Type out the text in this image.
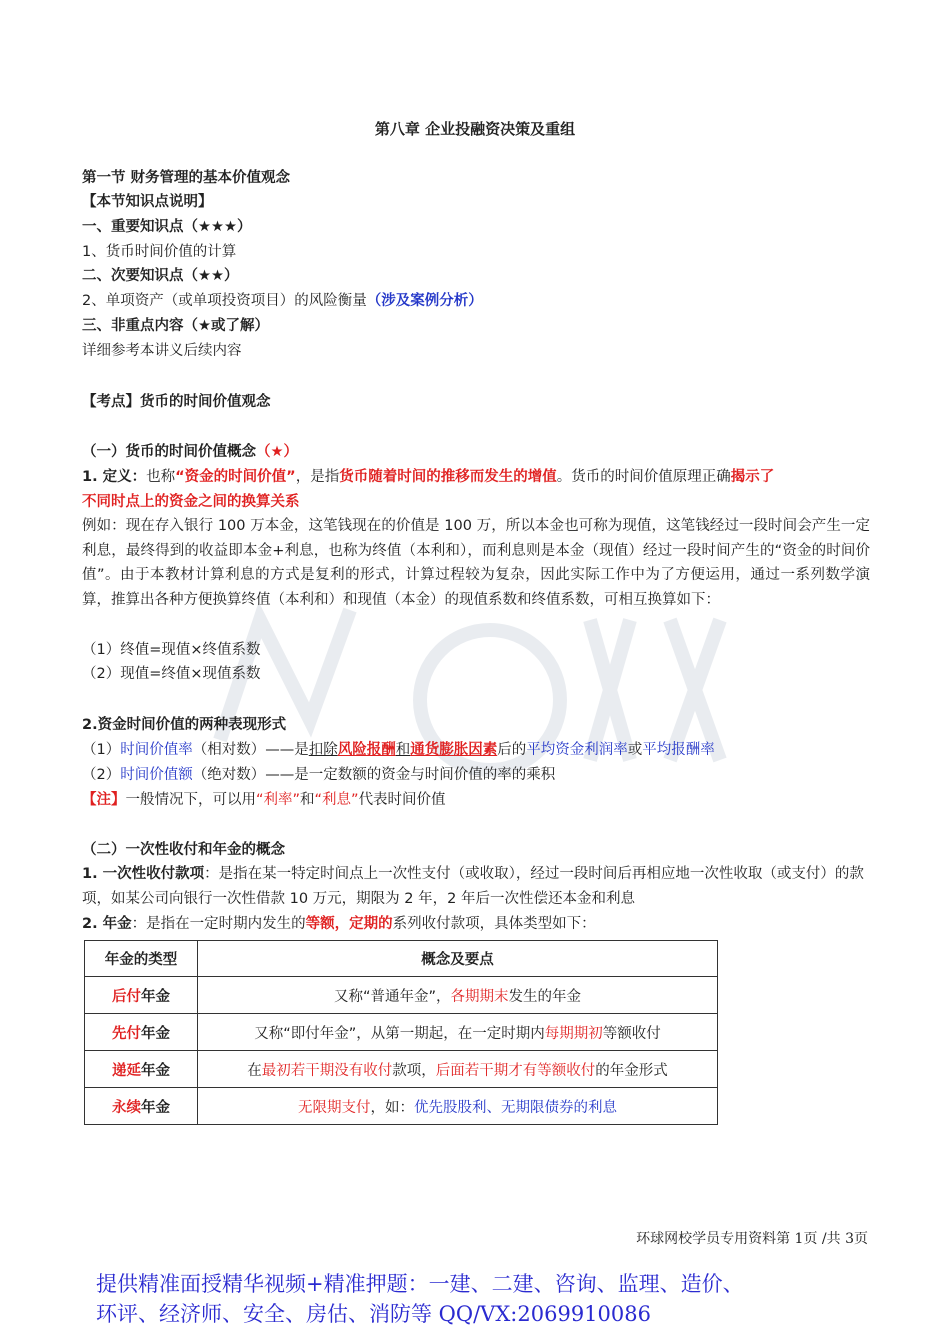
第八章 企业投融资决策及重组
第一节 财务管理的基本价值观念
【本节知识点说明】
一、重要知识点（★★★）
1、货币时间价值的计算
二、次要知识点（★★）
2、单项资产（或单项投资项目）的风险衡量（涉及案例分析）
三、非重点内容（★或了解）
详细参考本讲义后续内容
【考点】货币的时间价值观念
（一）货币的时间价值概念（★）
1. 定义：也称“资金的时间价值”，是指货币随着时间的推移而发生的增值。货币的时间价值原理正确揭示了
不同时点上的资金之间的换算关系
例如：现在存入银行 100 万本金，这笔钱现在的价值是 100 万，所以本金也可称为现值，这笔钱经过一段时间会产生一定利息，最终得到的收益即本金+利息，也称为终值（本利和），而利息则是本金（现值）经过一段时间产生的“资金的时间价值”。由于本教材计算利息的方式是复利的形式，计算过程较为复杂，因此实际工作中为了方便运用，通过一系列数学演算，推算出各种方便换算终值（本利和）和现值（本金）的现值系数和终值系数，可相互换算如下：
（1）终值=现值×终值系数
（2）现值=终值×现值系数
2.资金时间价值的两种表现形式
（1）时间价值率（相对数）——是扣除风险报酬和通货膨胀因素后的平均资金利润率或平均报酬率
（2）时间价值额（绝对数）——是一定数额的资金与时间价值的率的乘积
【注】一般情况下，可以用“利率”和“利息”代表时间价值
（二）一次性收付和年金的概念
1. 一次性收付款项：是指在某一特定时间点上一次性支付（或收取），经过一段时间后再相应地一次性收取（或支付）的款项，如某公司向银行一次性借款 10 万元，期限为 2 年，2 年后一次性偿还本金和利息
2. 年金：是指在一定时期内发生的等额，定期的系列收付款项，具体类型如下：
年金的类型	概念及要点
后付年金	又称“普通年金”，各期期末发生的年金
先付年金	又称“即付年金”，从第一期起，在一定时期内每期期初等额收付
递延年金	在最初若干期没有收付款项，后面若干期才有等额收付的年金形式
永续年金	无限期支付，如：优先股股利、无期限债券的利息
环球网校学员专用资料第 1页 /共 3页
提供精准面授精华视频+精准押题：一建、二建、咨询、监理、造价、
环评、经济师、安全、房估、消防等 QQ/VX:2069910086
